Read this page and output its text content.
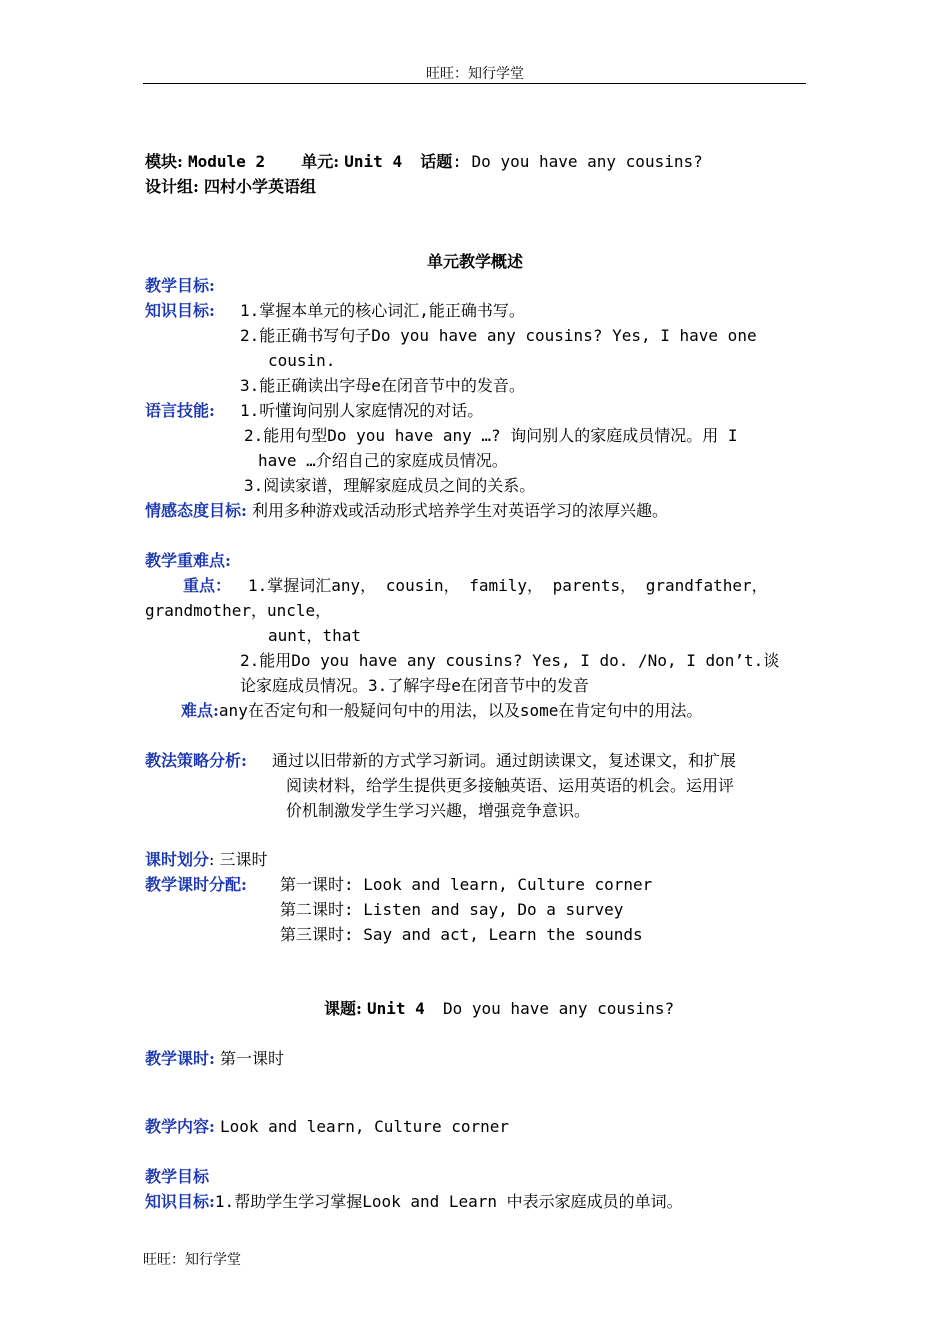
旺旺：知行学堂
模块: Module 2 单元: Unit 4 话题: Do you have any cousins?
设计组: 四村小学英语组
单元教学概述
教学目标:
知识目标: 1.掌握本单元的核心词汇,能正确书写。
2.能正确书写句子Do you have any cousins? Yes, I have one
cousin.
3.能正确读出字母e在闭音节中的发音。
语言技能: 1.听懂询问别人家庭情况的对话。
2.能用句型Do you have any …? 询问别人的家庭成员情况。用 I
have …介绍自己的家庭成员情况。
3.阅读家谱，理解家庭成员之间的关系。
情感态度目标: 利用多种游戏或活动形式培养学生对英语学习的浓厚兴趣。
教学重难点:
重点： 1.掌握词汇any， cousin， family， parents， grandfather，
grandmother，uncle，
aunt，that
2.能用Do you have any cousins? Yes, I do. /No, I don’t.谈
论家庭成员情况。3.了解字母e在闭音节中的发音
难点:any在否定句和一般疑问句中的用法，以及some在肯定句中的用法。
教法策略分析: 通过以旧带新的方式学习新词。通过朗读课文，复述课文，和扩展
阅读材料，给学生提供更多接触英语、运用英语的机会。运用评
价机制激发学生学习兴趣，增强竞争意识。
课时划分: 三课时
教学课时分配: 第一课时: Look and learn, Culture corner
第二课时: Listen and say, Do a survey
第三课时: Say and act, Learn the sounds
课题: Unit 4 Do you have any cousins?
教学课时: 第一课时
教学内容: Look and learn, Culture corner
教学目标
知识目标:1.帮助学生学习掌握Look and Learn 中表示家庭成员的单词。
旺旺：知行学堂
